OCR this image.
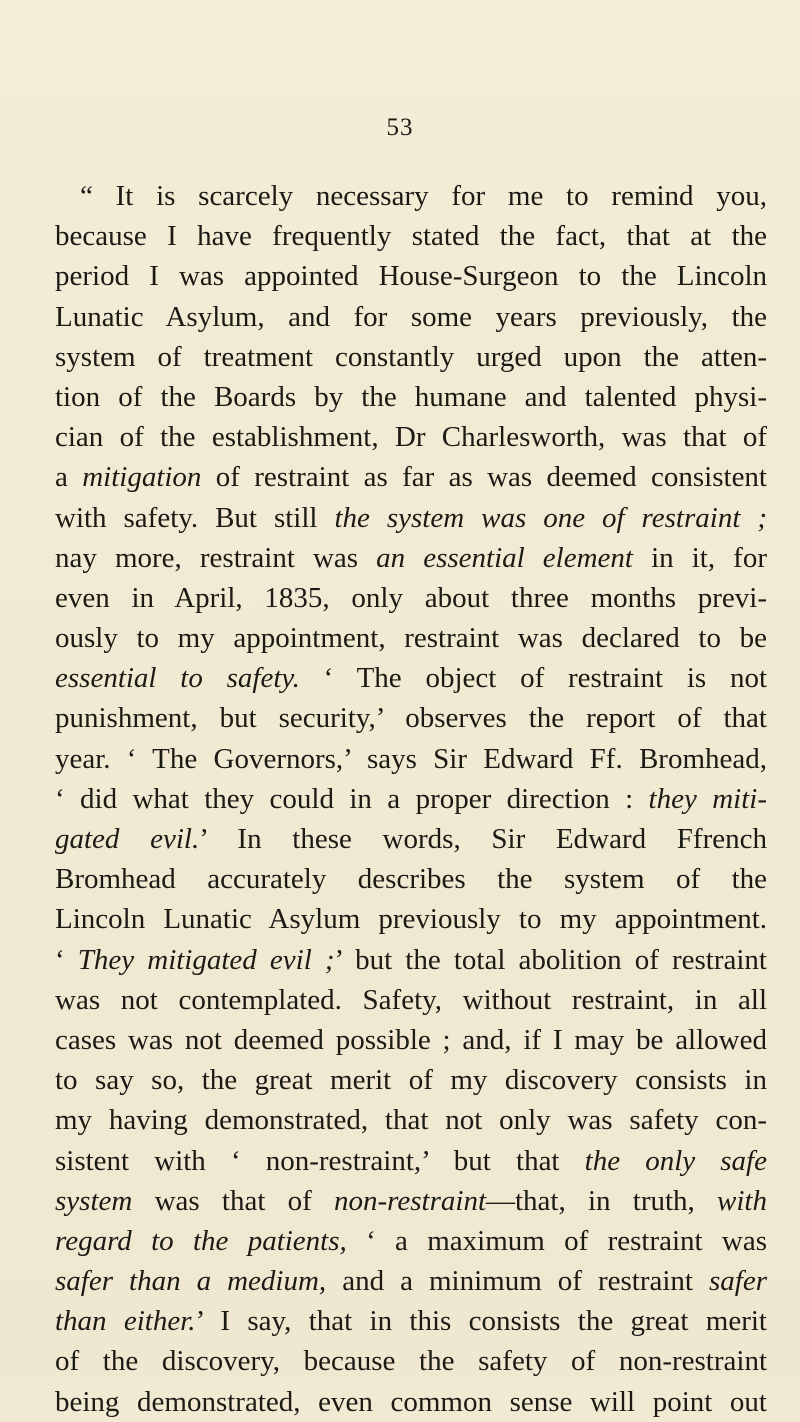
53
“ It is scarcely necessary for me to remind you,
because I have frequently stated the fact, that at the
period I was appointed House-Surgeon to the Lincoln
Lunatic Asylum, and for some years previously, the
system of treatment constantly urged upon the atten-
tion of the Boards by the humane and talented physi-
cian of the establishment, Dr Charlesworth, was that of
a mitigation of restraint as far as was deemed consistent
with safety. But still the system was one of restraint ;
nay more, restraint was an essential element in it, for
even in April, 1835, only about three months previ-
ously to my appointment, restraint was declared to be
essential to safety. ‘ The object of restraint is not
punishment, but security,’ observes the report of that
year. ‘ The Governors,’ says Sir Edward Ff. Bromhead,
‘ did what they could in a proper direction : they miti-
gated evil.’ In these words, Sir Edward Ffrench
Bromhead accurately describes the system of the
Lincoln Lunatic Asylum previously to my appointment.
‘ They mitigated evil ;’ but the total abolition of restraint
was not contemplated. Safety, without restraint, in all
cases was not deemed possible ; and, if I may be allowed
to say so, the great merit of my discovery consists in
my having demonstrated, that not only was safety con-
sistent with ‘ non-restraint,’ but that the only safe
system was that of non-restraint—that, in truth, with
regard to the patients, ‘ a maximum of restraint was
safer than a medium, and a minimum of restraint safer
than either.’ I say, that in this consists the great merit
of the discovery, because the safety of non-restraint
being demonstrated, even common sense will point out
